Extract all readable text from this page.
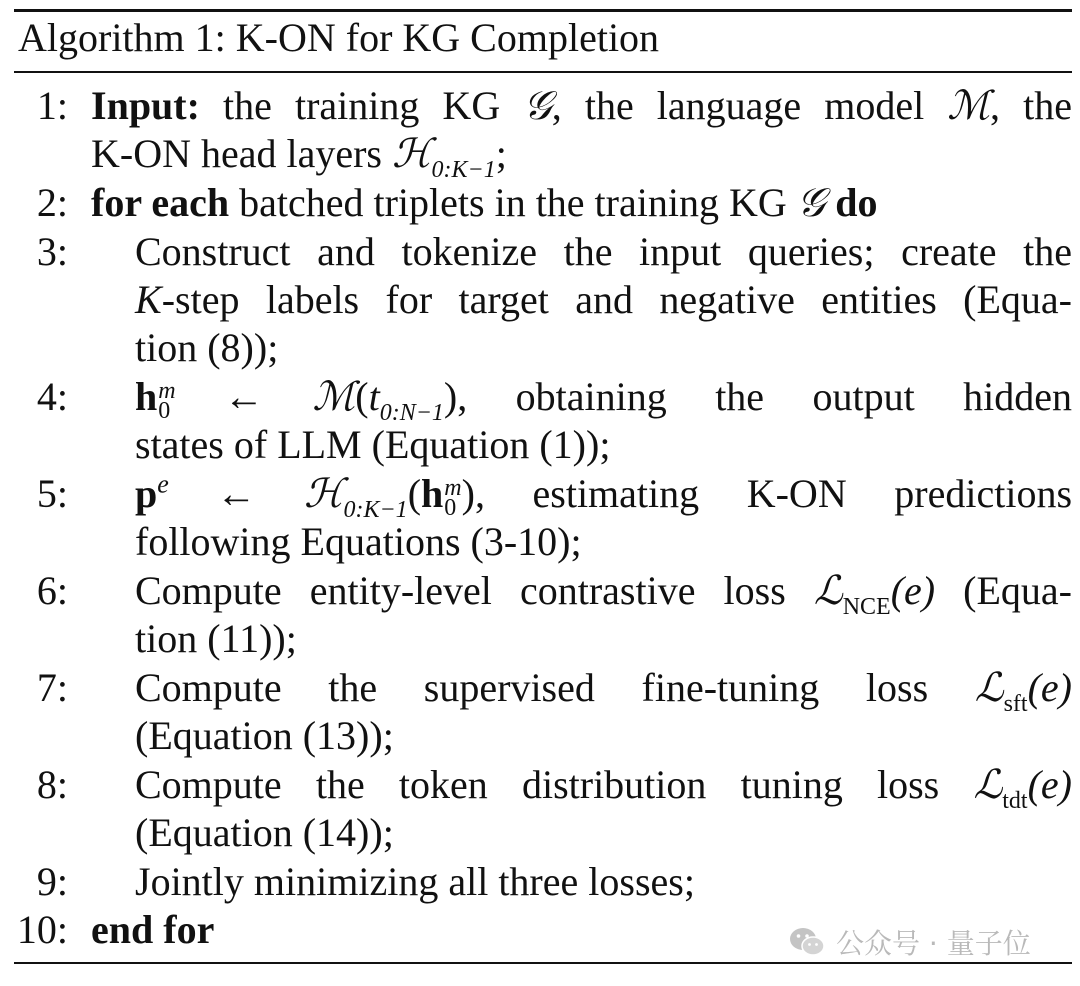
Algorithm 1: K-ON for KG Completion
1: Input: the training KG 𝒢, the language model ℳ, the
K-ON head layers ℋ$_{0:K-1}$;
2: for each batched triplets in the training KG 𝒢 do
3: Construct and tokenize the input queries; create the
K-step labels for target and negative entities (Equa-
tion (8));
4: h m
0 ← $ℳ(t_{0:N-1})$, obtaining the output hidden
states of LLM (Equation (1));
5: $p^e$ ← ℋ$_{0:K-1}$(h m
0 ), estimating K-ON predictions
following Equations (3-10);
6: Compute entity-level contrastive loss ℒ$_{NCE}$(e) (Equa-
tion (11));
7: Compute the supervised fine-tuning loss ℒ$_{sft}$(e)
(Equation (13));
8: Compute the token distribution tuning loss ℒ$_{tdt}$(e)
(Equation (14));
9: Jointly minimizing all three losses;
10: end for	公众号 · 量子位
